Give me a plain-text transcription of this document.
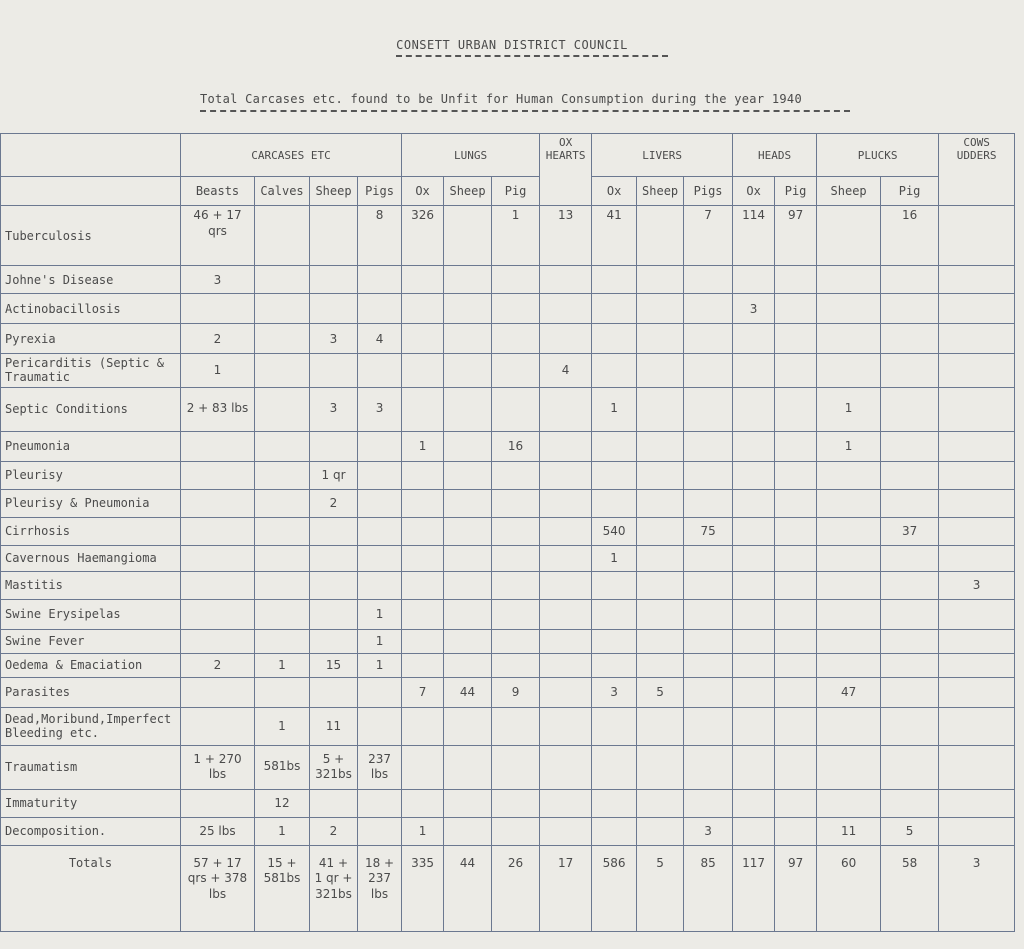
CONSETT URBAN DISTRICT COUNCIL
Total Carcases etc. found to be Unfit for Human Consumption during the year 1940
	CARCASES ETC				LUNGS			OX HEARTS	LIVERS			HEADS		PLUCKS		COWS UDDERS
	Beasts	Calves	Sheep	Pigs	Ox	Sheep	Pig		Ox	Sheep	Pigs	Ox	Pig	Sheep	Pig	
Tuberculosis	46 + 17 qrs			8	326		1	13	41		7	114	97		16	
Johne's Disease	3															
Actinobacillosis												3				
Pyrexia	2		3	4												
Pericarditis (Septic & Traumatic	1							4								
Septic Conditions	2 + 83 lbs		3	3					1					1		
Pneumonia					1		16							1		
Pleurisy			1 qr													
Pleurisy & Pneumonia			2													
Cirrhosis									540		75				37	
Cavernous Haemangioma									1							
Mastitis																3
Swine Erysipelas				1												
Swine Fever				1												
Oedema & Emaciation	2	1	15	1												
Parasites					7	44	9		3	5				47		
Dead,Moribund,Imperfect Bleeding etc.		1	11													
Traumatism	1 + 270 lbs	581bs	5 + 321bs	237 lbs												
Immaturity		12														
Decomposition.	25 lbs	1	2		1						3			11	5	
Totals	57 + 17 qrs + 378 lbs	15 + 581bs	41 + 1 qr + 321bs	18 + 237 lbs	335	44	26	17	586	5	85	117	97	60	58	3
